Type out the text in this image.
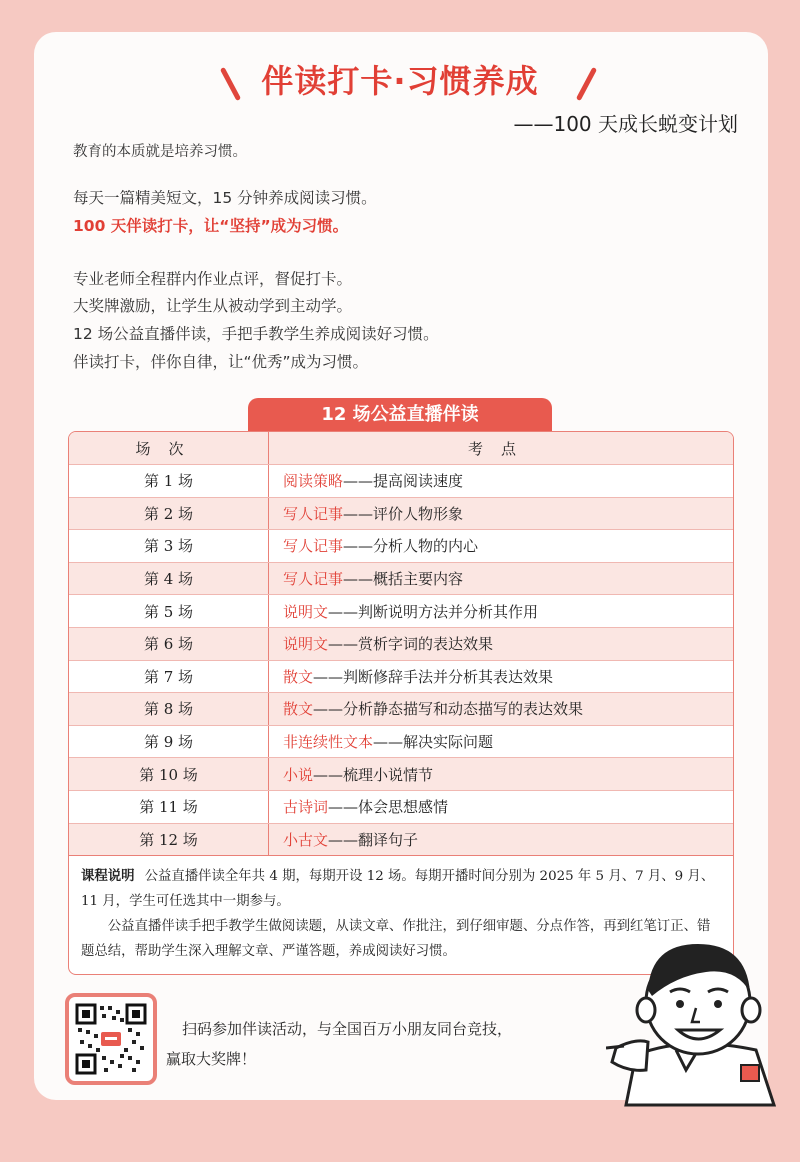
伴读打卡·习惯养成
——100 天成长蜕变计划
教育的本质就是培养习惯。
每天一篇精美短文，15 分钟养成阅读习惯。
100 天伴读打卡，让“坚持”成为习惯。
专业老师全程群内作业点评，督促打卡。
大奖牌激励，让学生从被动学到主动学。
12 场公益直播伴读，手把手教学生养成阅读好习惯。
伴读打卡，伴你自律，让“优秀”成为习惯。
12 场公益直播伴读
场次	考点
第 1 场	阅读策略 ——提高阅读速度
第 2 场	写人记事 ——评价人物形象
第 3 场	写人记事 ——分析人物的内心
第 4 场	写人记事 ——概括主要内容
第 5 场	说明文 ——判断说明方法并分析其作用
第 6 场	说明文 ——赏析字词的表达效果
第 7 场	散文 ——判断修辞手法并分析其表达效果
第 8 场	散文 ——分析静态描写和动态描写的表达效果
第 9 场	非连续性文本 ——解决实际问题
第 10 场	小说 ——梳理小说情节
第 11 场	古诗词 ——体会思想感情
第 12 场	小古文 ——翻译句子
课程说明 公益直播伴读全年共 4 期，每期开设 12 场。每期开播时间分别为 2025 年 5 月、7 月、9 月、11 月，学生可任选其中一期参与。
公益直播伴读手把手教学生做阅读题，从读文章、作批注，到仔细审题、分点作答，再到红笔订正、错题总结，帮助学生深入理解文章、严谨答题，养成阅读好习惯。
扫码参加伴读活动，与全国百万小朋友同台竞技，
赢取大奖牌！
